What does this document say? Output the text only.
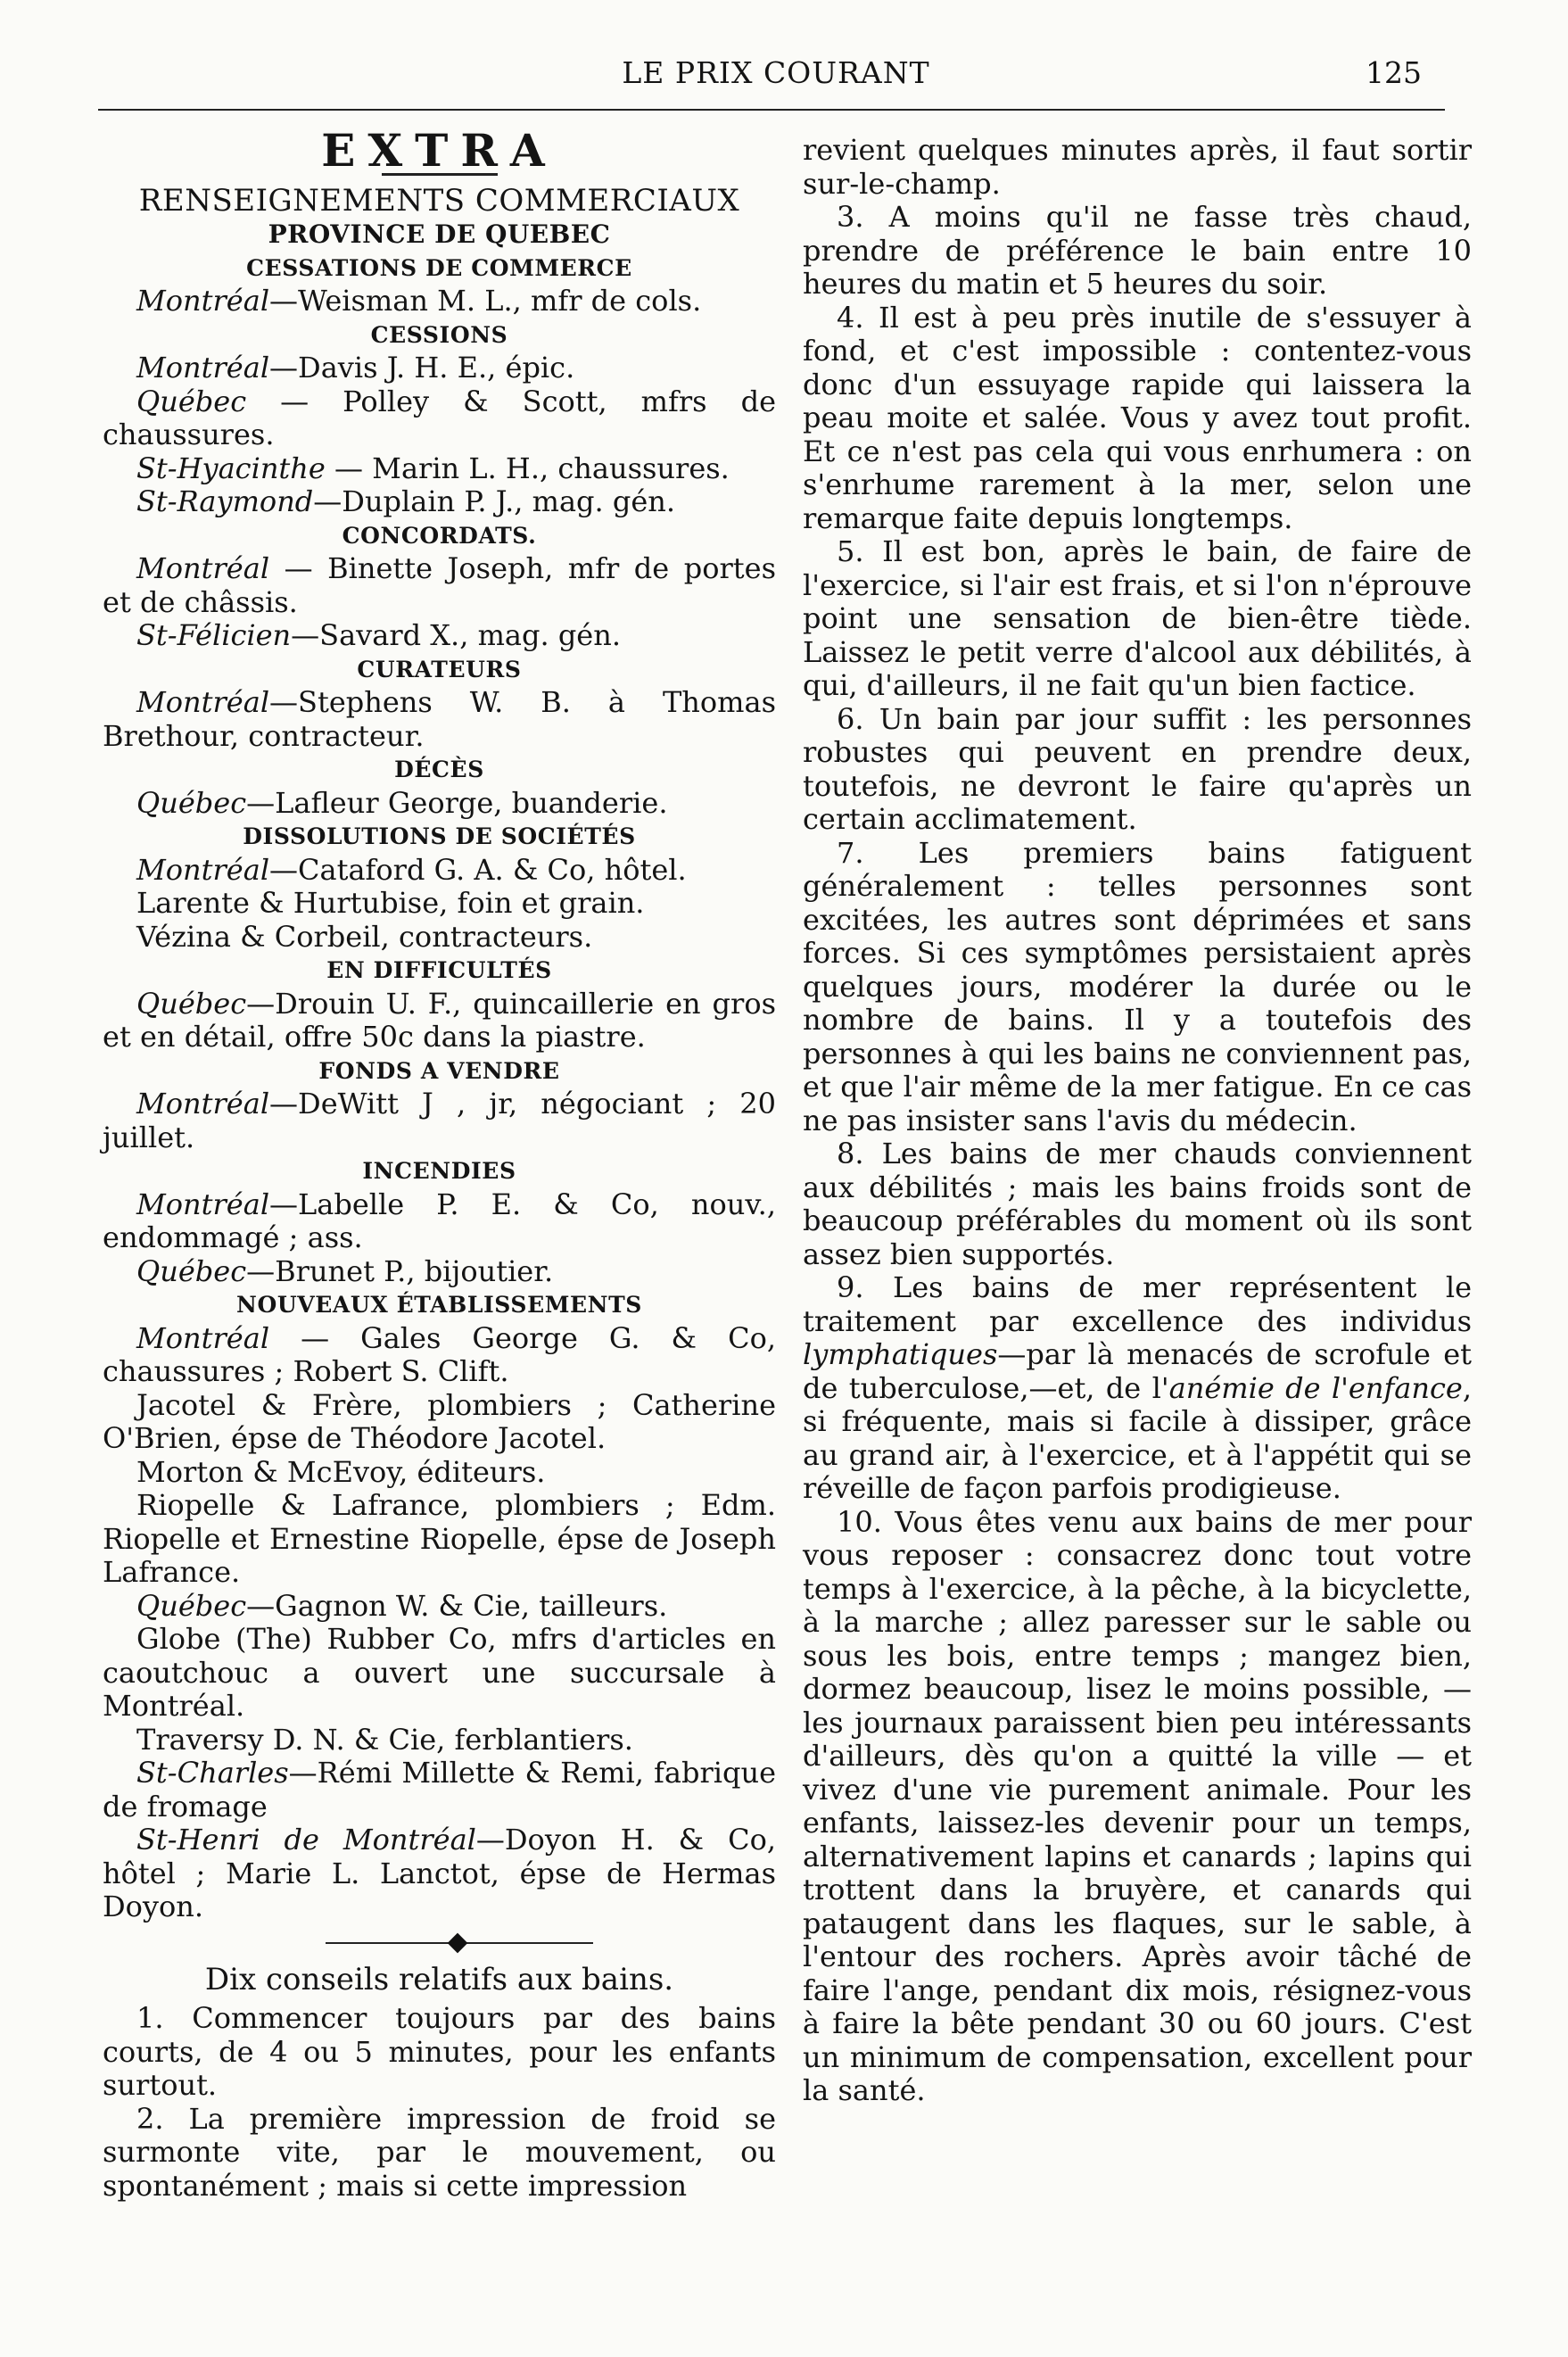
LE PRIX COURANT	125
EXTRA
RENSEIGNEMENTS COMMERCIAUX
PROVINCE DE QUEBEC
CESSATIONS DE COMMERCE

Montréal—Weisman M. L., mfr de cols.

CESSIONS

Montréal—Davis J. H. E., épic.

Québec — Polley & Scott, mfrs de chaussures.

St-Hyacinthe — Marin L. H., chaussures.

St-Raymond—Duplain P. J., mag. gén.

CONCORDATS.

Montréal — Binette Joseph, mfr de portes et de châssis.

St-Félicien—Savard X., mag. gén.

CURATEURS

Montréal—Stephens W. B. à Thomas Brethour, contracteur.

DÉCÈS

Québec—Lafleur George, buanderie.

DISSOLUTIONS DE SOCIÉTÉS

Montréal—Cataford G. A. & Co, hôtel.

Larente & Hurtubise, foin et grain.

Vézina & Corbeil, contracteurs.

EN DIFFICULTÉS

Québec—Drouin U. F., quincaillerie en gros et en détail, offre 50c dans la piastre.

FONDS A VENDRE

Montréal—DeWitt J , jr, négociant ; 20 juillet.

INCENDIES

Montréal—Labelle P. E. & Co, nouv., endommagé ; ass.

Québec—Brunet P., bijoutier.

NOUVEAUX ÉTABLISSEMENTS

Montréal — Gales George G. & Co, chaussures ; Robert S. Clift.

Jacotel & Frère, plombiers ; Catherine O'Brien, épse de Théodore Jacotel.

Morton & McEvoy, éditeurs.

Riopelle & Lafrance, plombiers ; Edm. Riopelle et Ernestine Riopelle, épse de Joseph Lafrance.

Québec—Gagnon W. & Cie, tailleurs.

Globe (The) Rubber Co, mfrs d'articles en caoutchouc a ouvert une succursale à Montréal.

Traversy D. N. & Cie, ferblantiers.

St-Charles—Rémi Millette & Remi, fabrique de fromage

St-Henri de Montréal—Doyon H. & Co, hôtel ; Marie L. Lanctot, épse de Hermas Doyon.

Dix conseils relatifs aux bains.

1. Commencer toujours par des bains courts, de 4 ou 5 minutes, pour les enfants surtout.

2. La première impression de froid se surmonte vite, par le mouvement, ou spontanément ; mais si cette impression

revient quelques minutes après, il faut sortir sur-le-champ.

3. A moins qu'il ne fasse très chaud, prendre de préférence le bain entre 10 heures du matin et 5 heures du soir.

4. Il est à peu près inutile de s'essuyer à fond, et c'est impossible : contentez-vous donc d'un essuyage rapide qui laissera la peau moite et salée. Vous y avez tout profit. Et ce n'est pas cela qui vous enrhumera : on s'enrhume rarement à la mer, selon une remarque faite depuis longtemps.

5. Il est bon, après le bain, de faire de l'exercice, si l'air est frais, et si l'on n'éprouve point une sensation de bien-être tiède. Laissez le petit verre d'alcool aux débilités, à qui, d'ailleurs, il ne fait qu'un bien factice.

6. Un bain par jour suffit : les personnes robustes qui peuvent en prendre deux, toutefois, ne devront le faire qu'après un certain acclimatement.

7. Les premiers bains fatiguent généralement : telles personnes sont excitées, les autres sont déprimées et sans forces. Si ces symptômes persistaient après quelques jours, modérer la durée ou le nombre de bains. Il y a toutefois des personnes à qui les bains ne conviennent pas, et que l'air même de la mer fatigue. En ce cas ne pas insister sans l'avis du médecin.

8. Les bains de mer chauds conviennent aux débilités ; mais les bains froids sont de beaucoup préférables du moment où ils sont assez bien supportés.

9. Les bains de mer représentent le traitement par excellence des individus lymphatiques—par là menacés de scrofule et de tuberculose,—et, de l'anémie de l'enfance, si fréquente, mais si facile à dissiper, grâce au grand air, à l'exercice, et à l'appétit qui se réveille de façon parfois prodigieuse.

10. Vous êtes venu aux bains de mer pour vous reposer : consacrez donc tout votre temps à l'exercice, à la pêche, à la bicyclette, à la marche ; allez paresser sur le sable ou sous les bois, entre temps ; mangez bien, dormez beaucoup, lisez le moins possible, — les journaux paraissent bien peu intéressants d'ailleurs, dès qu'on a quitté la ville — et vivez d'une vie purement animale. Pour les enfants, laissez-les devenir pour un temps, alternativement lapins et canards ; lapins qui trottent dans la bruyère, et canards qui pataugent dans les flaques, sur le sable, à l'entour des rochers. Après avoir tâché de faire l'ange, pendant dix mois, résignez-vous à faire la bête pendant 30 ou 60 jours. C'est un minimum de compensation, excellent pour la santé.
